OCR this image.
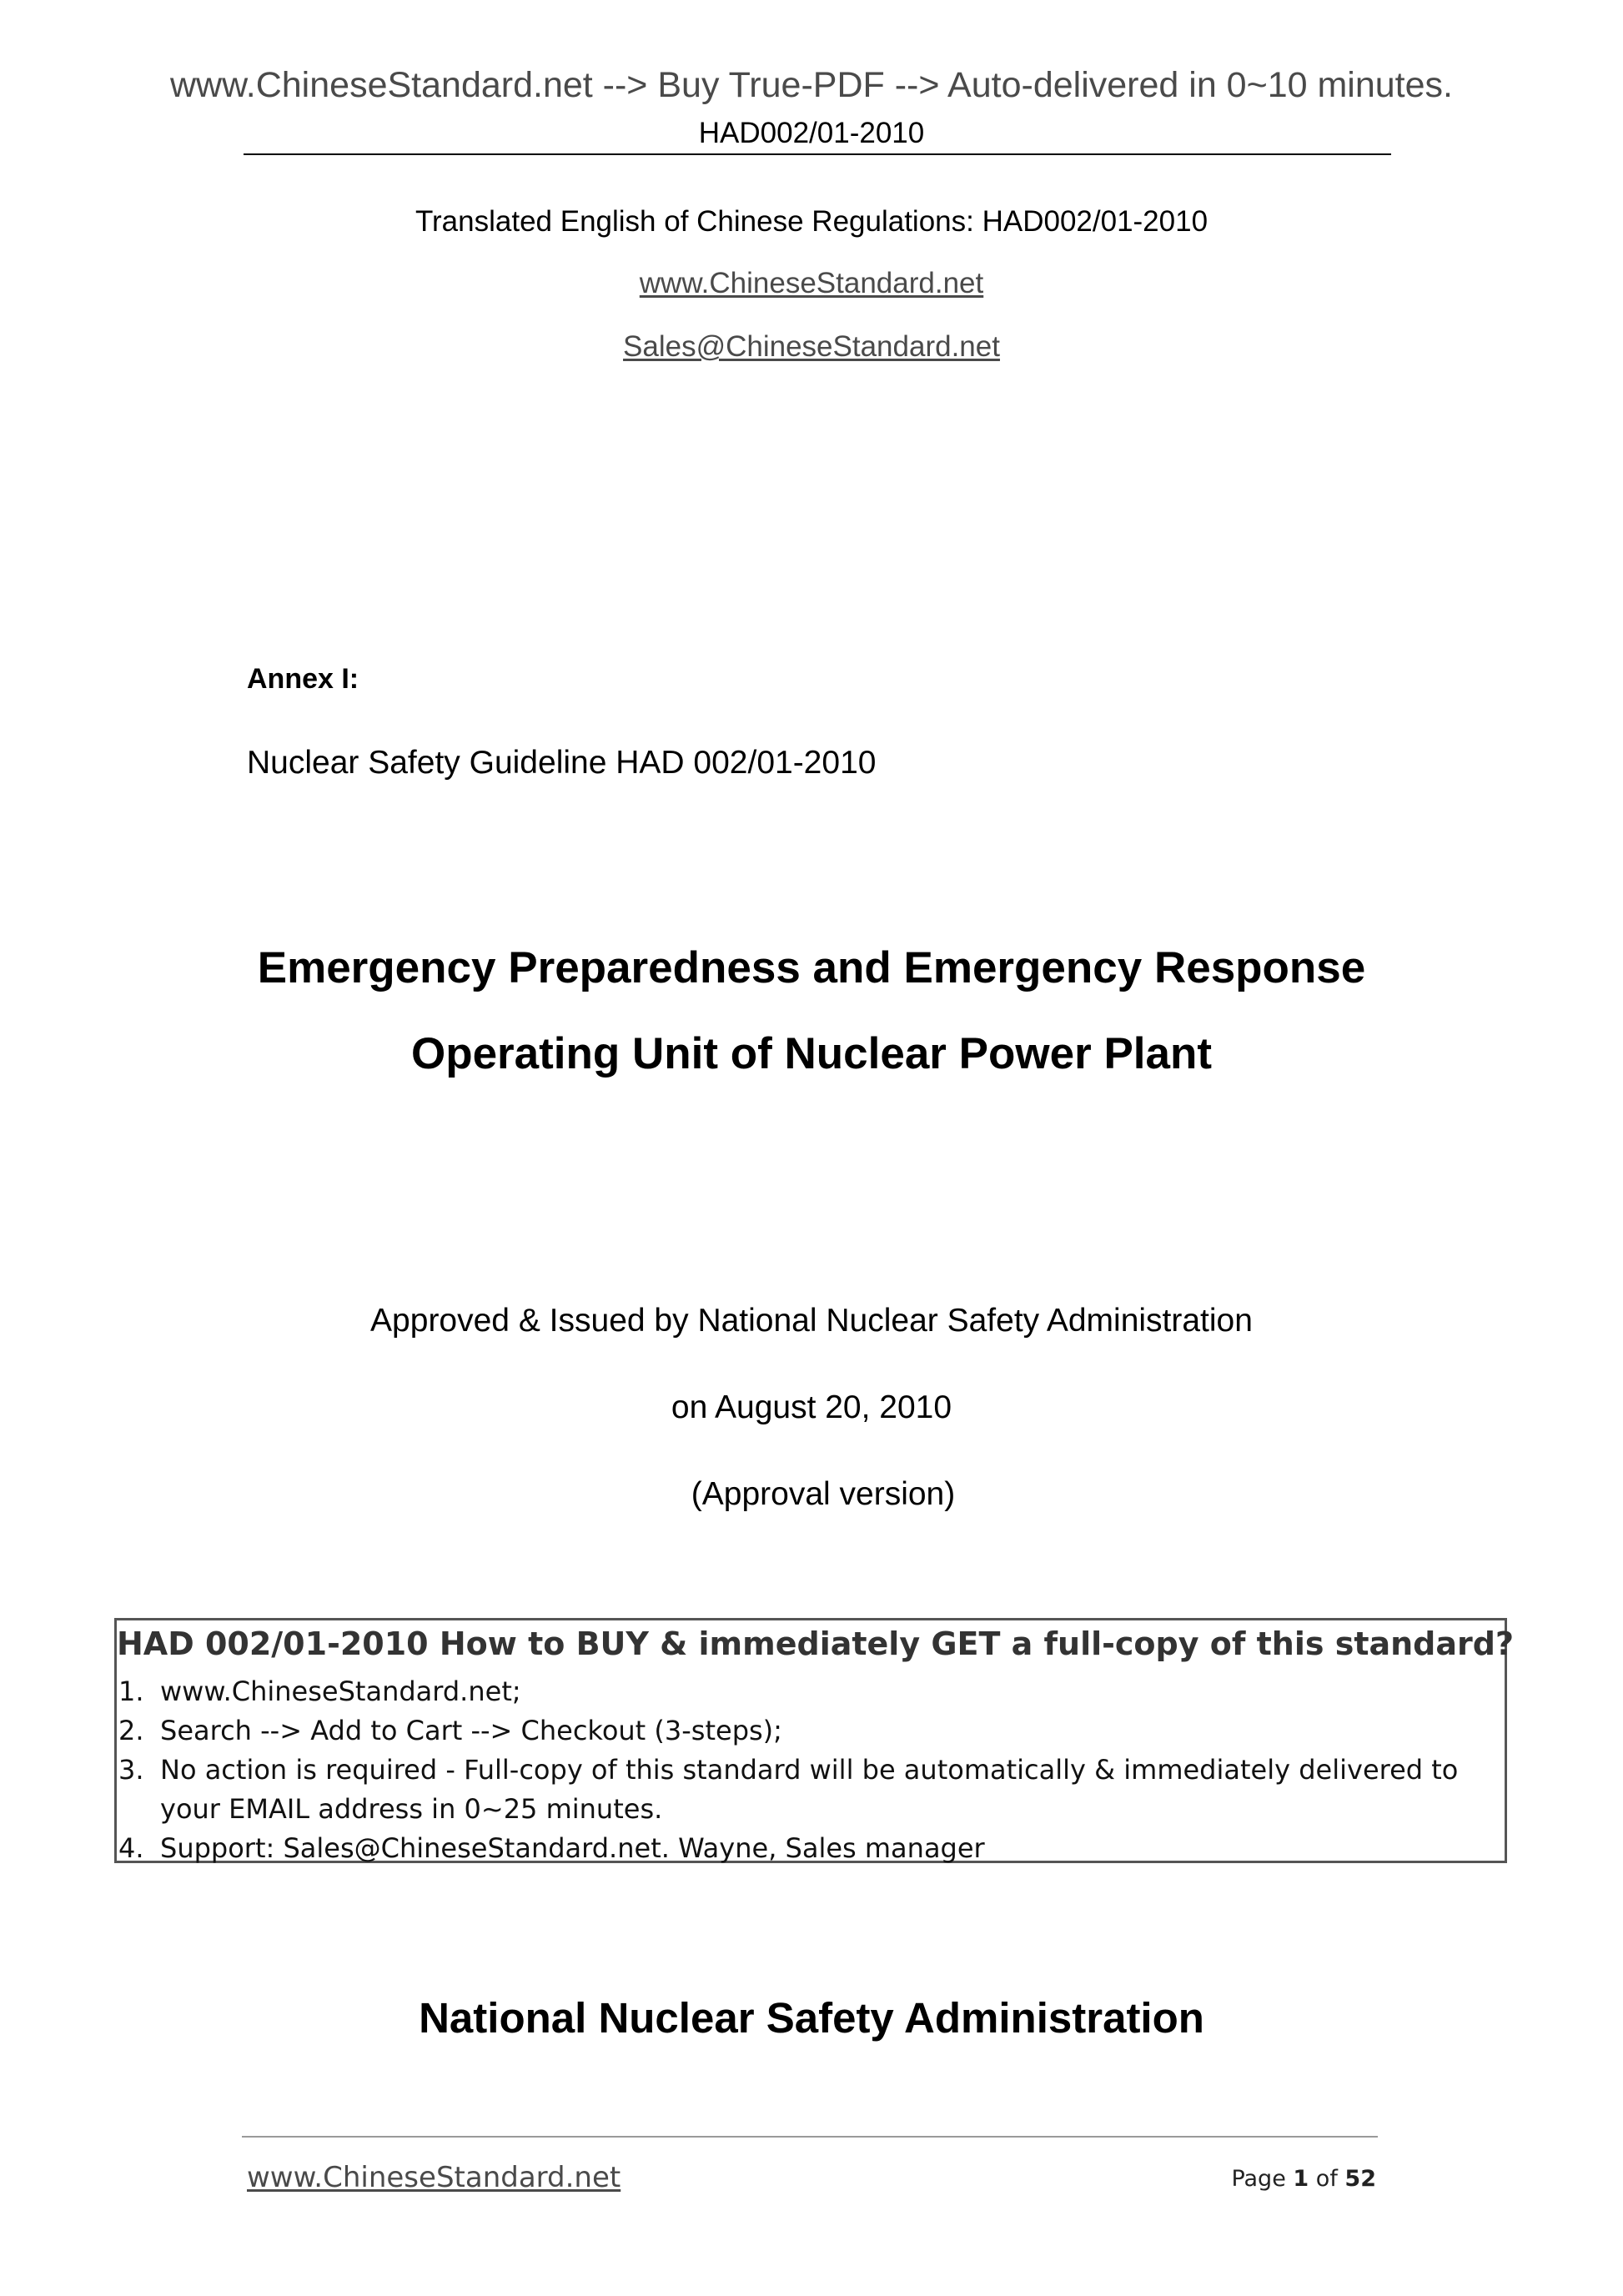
www.ChineseStandard.net --> Buy True-PDF --> Auto-delivered in 0~10 minutes.
HAD002/01-2010
Translated English of Chinese Regulations: HAD002/01-2010
www.ChineseStandard.net
Sales@ChineseStandard.net
Annex I:
Nuclear Safety Guideline HAD 002/01-2010
Emergency Preparedness and Emergency Response
Operating Unit of Nuclear Power Plant
Approved & Issued by National Nuclear Safety Administration
on August 20, 2010
(Approval version)
HAD 002/01-2010 How to BUY & immediately GET a full-copy of this standard?
1. www.ChineseStandard.net;
2. Search --> Add to Cart --> Checkout (3-steps);
3. No action is required - Full-copy of this standard will be automatically & immediately delivered to
your EMAIL address in 0~25 minutes.
4. Support: Sales@ChineseStandard.net. Wayne, Sales manager
National Nuclear Safety Administration
www.ChineseStandard.net	Page 1 of 52
